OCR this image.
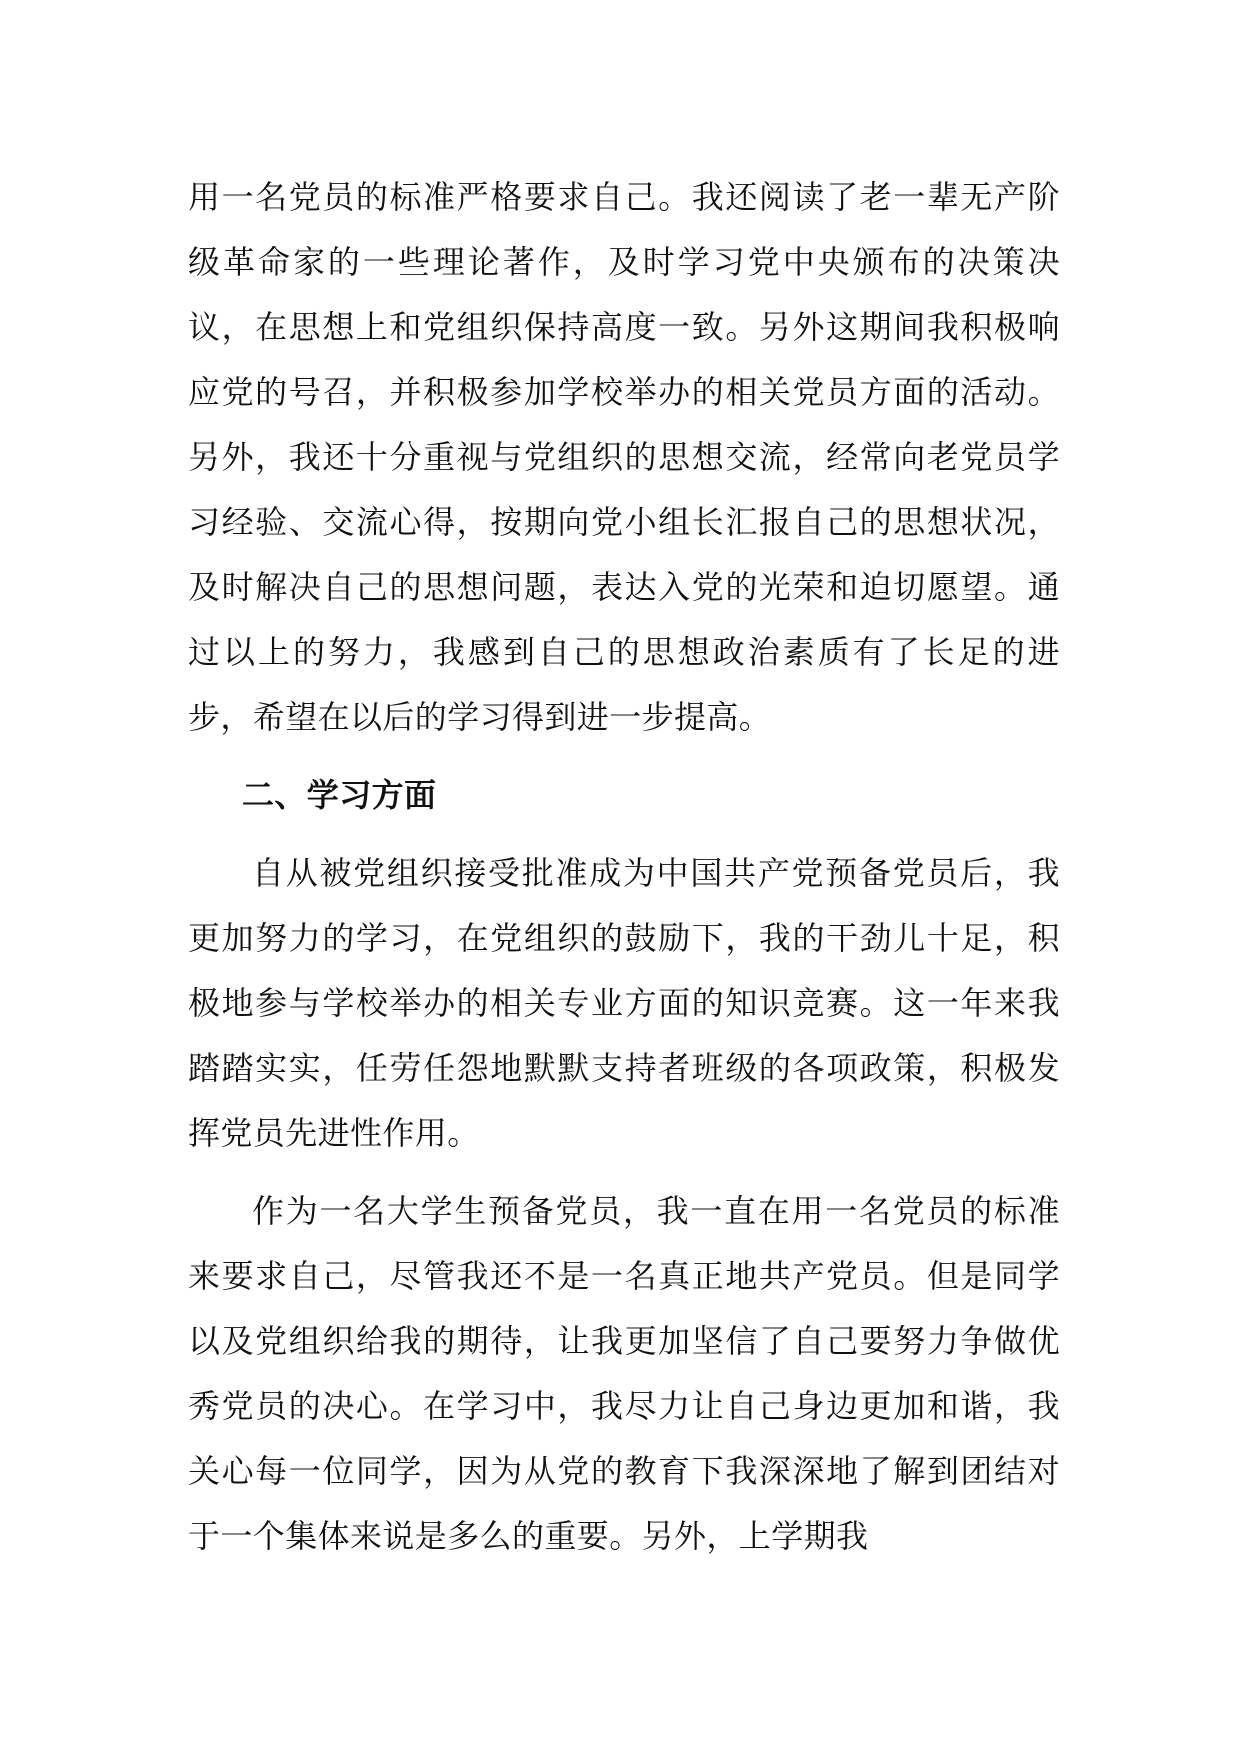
用一名党员的标准严格要求自己。我还阅读了老一辈无产阶级革命家的一些理论著作，及时学习党中央颁布的决策决议，在思想上和党组织保持高度一致。另外这期间我积极响应党的号召，并积极参加学校举办的相关党员方面的活动。另外，我还十分重视与党组织的思想交流，经常向老党员学习经验、交流心得，按期向党小组长汇报自己的思想状况，及时解决自己的思想问题，表达入党的光荣和迫切愿望。通过以上的努力，我感到自己的思想政治素质有了长足的进步，希望在以后的学习得到进一步提高。

二、学习方面

自从被党组织接受批准成为中国共产党预备党员后，我更加努力的学习，在党组织的鼓励下，我的干劲儿十足，积极地参与学校举办的相关专业方面的知识竞赛。这一年来我踏踏实实，任劳任怨地默默支持者班级的各项政策，积极发挥党员先进性作用。

作为一名大学生预备党员，我一直在用一名党员的标准来要求自己，尽管我还不是一名真正地共产党员。但是同学以及党组织给我的期待，让我更加坚信了自己要努力争做优秀党员的决心。在学习中，我尽力让自己身边更加和谐，我关心每一位同学，因为从党的教育下我深深地了解到团结对于一个集体来说是多么的重要。另外，上学期我
